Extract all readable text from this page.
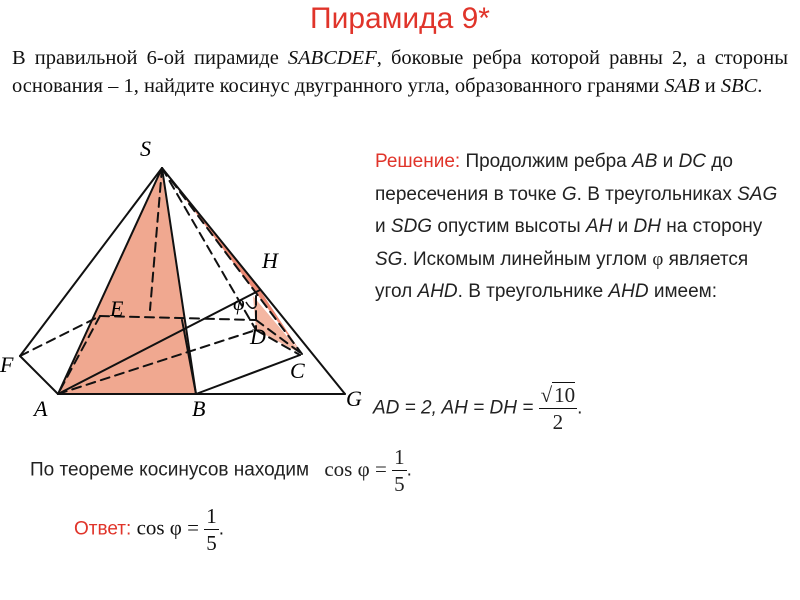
Пирамида 9*
В правильной 6-ой пирамиде SABCDEF, боковые ребра которой равны 2, а стороны основания – 1, найдите косинус двугранного угла, образованного гранями SAB и SBC.
S
H
φ
E
D
F	C
A	B	G
Решение: Продолжим ребра AB и DC до пересечения в точке G. В треугольниках SAG и SDG опустим высоты AH и DH на сторону SG. Искомым линейным углом φ является угол AHD. В треугольнике AHD имеем:
AD = 2, AH = DH = $\frac{√10}{2}$ .
По теореме косинусов находим $\cos \varphi = \frac{1}{5}$ .
Ответ: $\cos \varphi = \frac{1}{5}$ .
